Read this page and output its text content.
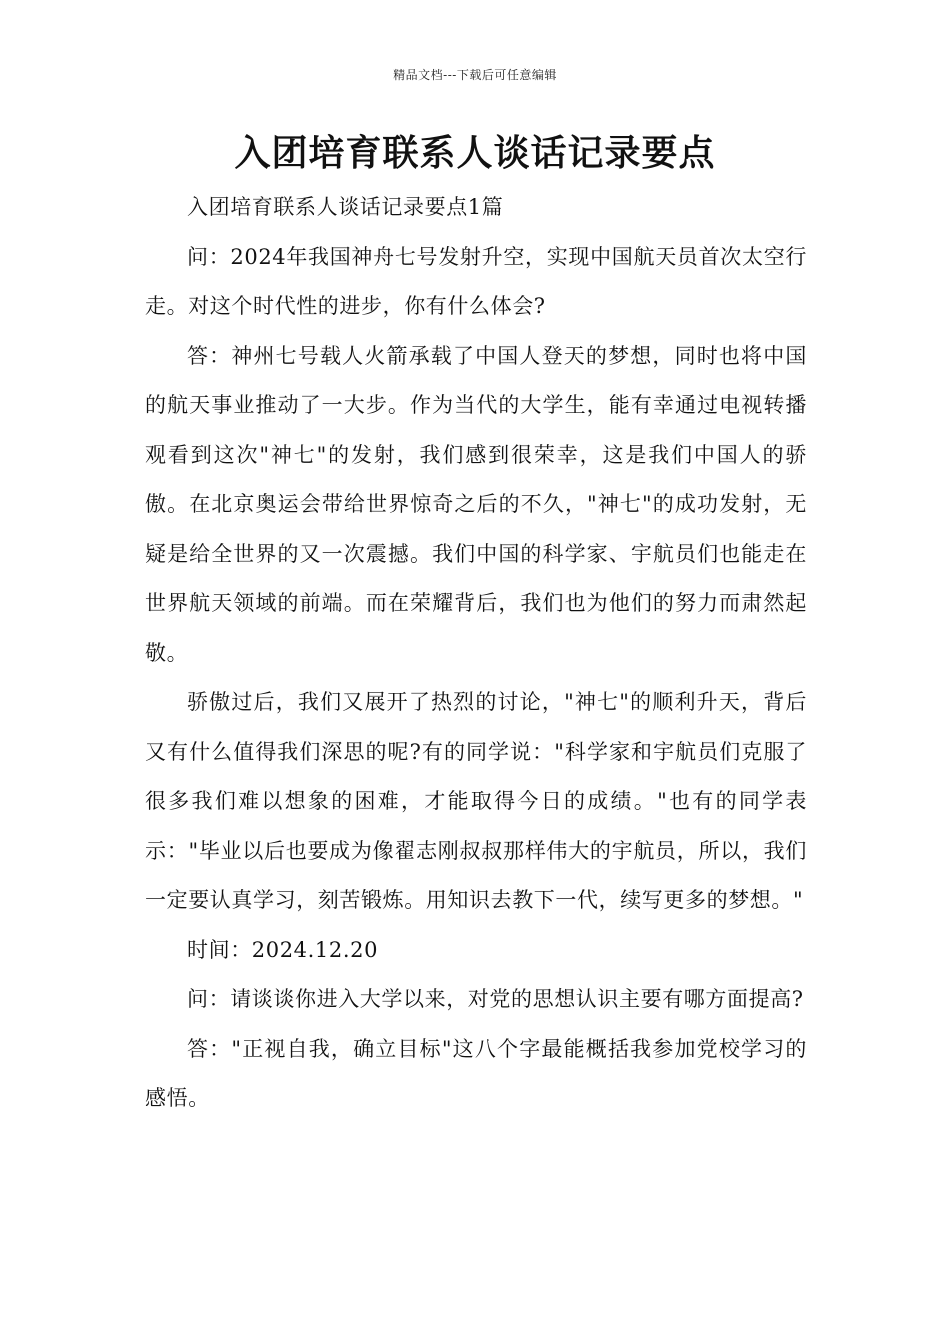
精品文档---下载后可任意编辑
入团培育联系人谈话记录要点

入团培育联系人谈话记录要点1篇

问：2024年我国神舟七号发射升空，实现中国航天员首次太空行走。对这个时代性的进步，你有什么体会?

答：神州七号载人火箭承载了中国人登天的梦想，同时也将中国的航天事业推动了一大步。作为当代的大学生，能有幸通过电视转播观看到这次"神七"的发射，我们感到很荣幸，这是我们中国人的骄傲。在北京奥运会带给世界惊奇之后的不久，"神七"的成功发射，无疑是给全世界的又一次震撼。我们中国的科学家、宇航员们也能走在世界航天领域的前端。而在荣耀背后，我们也为他们的努力而肃然起敬。

骄傲过后，我们又展开了热烈的讨论，"神七"的顺利升天，背后又有什么值得我们深思的呢?有的同学说："科学家和宇航员们克服了很多我们难以想象的困难，才能取得今日的成绩。"也有的同学表示："毕业以后也要成为像翟志刚叔叔那样伟大的宇航员，所以，我们一定要认真学习，刻苦锻炼。用知识去教下一代，续写更多的梦想。"

时间：2024.12.20

问：请谈谈你进入大学以来，对党的思想认识主要有哪方面提高?

答："正视自我，确立目标"这八个字最能概括我参加党校学习的感悟。
